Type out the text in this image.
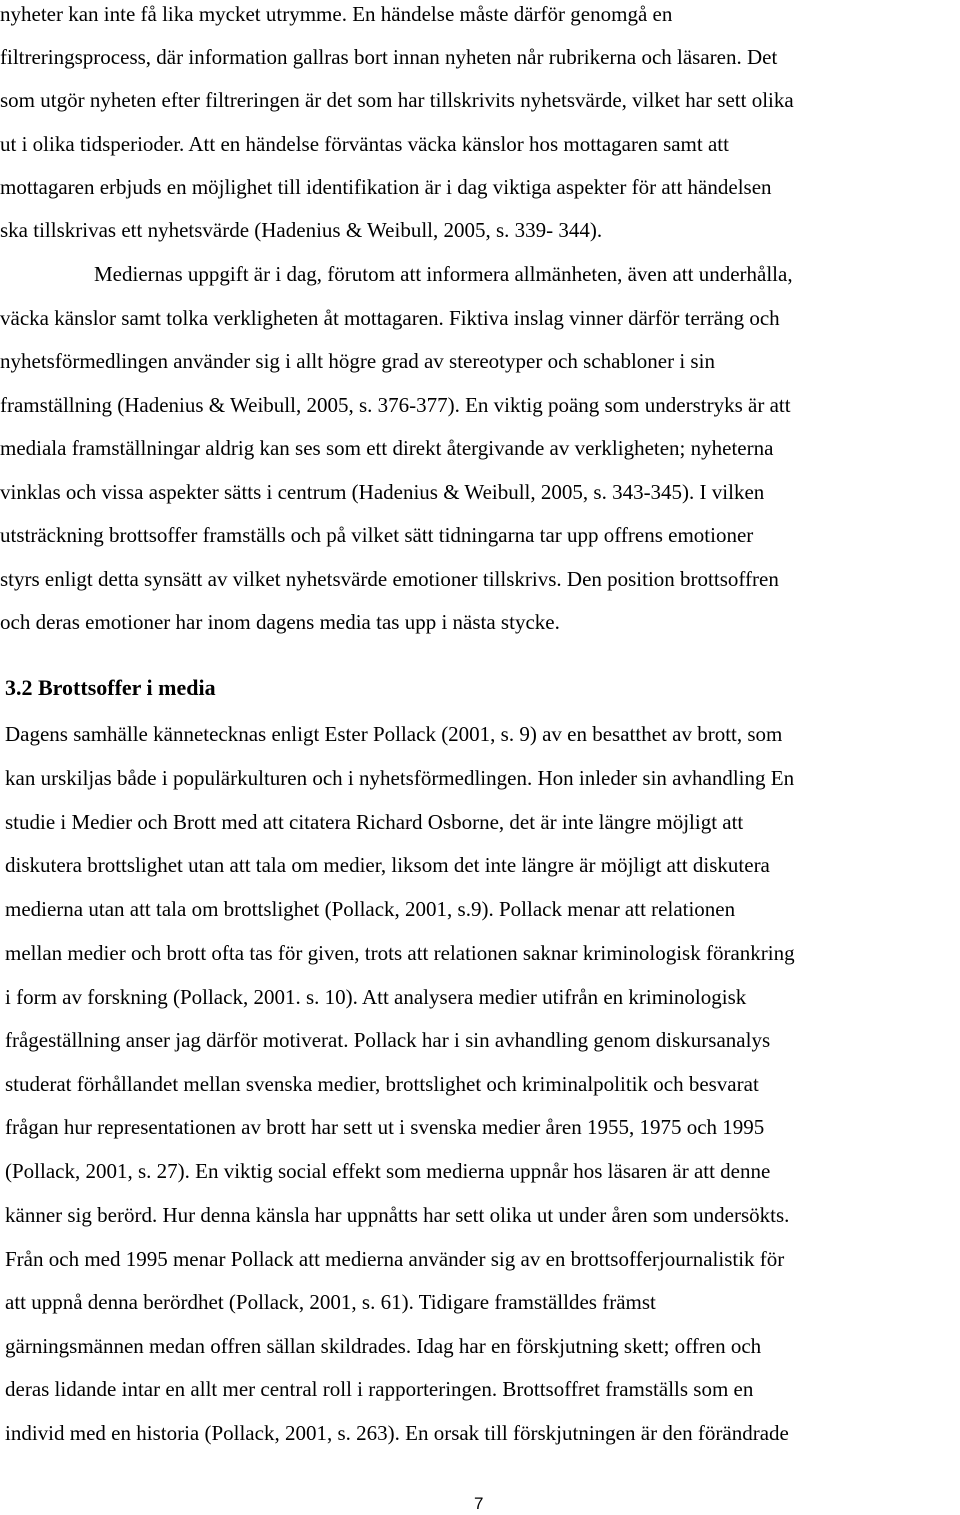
nyheter kan inte få lika mycket utrymme. En händelse måste därför genomgå en
filtreringsprocess, där information gallras bort innan nyheten når rubrikerna och läsaren. Det
som utgör nyheten efter filtreringen är det som har tillskrivits nyhetsvärde, vilket har sett olika
ut i olika tidsperioder. Att en händelse förväntas väcka känslor hos mottagaren samt att
mottagaren erbjuds en möjlighet till identifikation är i dag viktiga aspekter för att händelsen
ska tillskrivas ett nyhetsvärde (Hadenius & Weibull, 2005, s. 339- 344).
Mediernas uppgift är i dag, förutom att informera allmänheten, även att underhålla,
väcka känslor samt tolka verkligheten åt mottagaren. Fiktiva inslag vinner därför terräng och
nyhetsförmedlingen använder sig i allt högre grad av stereotyper och schabloner i sin
framställning (Hadenius & Weibull, 2005, s. 376-377). En viktig poäng som understryks är att
mediala framställningar aldrig kan ses som ett direkt återgivande av verkligheten; nyheterna
vinklas och vissa aspekter sätts i centrum (Hadenius & Weibull, 2005, s. 343-345). I vilken
utsträckning brottsoffer framställs och på vilket sätt tidningarna tar upp offrens emotioner
styrs enligt detta synsätt av vilket nyhetsvärde emotioner tillskrivs. Den position brottsoffren
och deras emotioner har inom dagens media tas upp i nästa stycke.
3.2 Brottsoffer i media
Dagens samhälle kännetecknas enligt Ester Pollack (2001, s. 9) av en besatthet av brott, som
kan urskiljas både i populärkulturen och i nyhetsförmedlingen. Hon inleder sin avhandling En
studie i Medier och Brott med att citatera Richard Osborne, det är inte längre möjligt att
diskutera brottslighet utan att tala om medier, liksom det inte längre är möjligt att diskutera
medierna utan att tala om brottslighet (Pollack, 2001, s.9). Pollack menar att relationen
mellan medier och brott ofta tas för given, trots att relationen saknar kriminologisk förankring
i form av forskning (Pollack, 2001. s. 10). Att analysera medier utifrån en kriminologisk
frågeställning anser jag därför motiverat. Pollack har i sin avhandling genom diskursanalys
studerat förhållandet mellan svenska medier, brottslighet och kriminalpolitik och besvarat
frågan hur representationen av brott har sett ut i svenska medier åren 1955, 1975 och 1995
(Pollack, 2001, s. 27). En viktig social effekt som medierna uppnår hos läsaren är att denne
känner sig berörd. Hur denna känsla har uppnåtts har sett olika ut under åren som undersökts.
Från och med 1995 menar Pollack att medierna använder sig av en brottsofferjournalistik för
att uppnå denna berördhet (Pollack, 2001, s. 61). Tidigare framställdes främst
gärningsmännen medan offren sällan skildrades. Idag har en förskjutning skett; offren och
deras lidande intar en allt mer central roll i rapporteringen. Brottsoffret framställs som en
individ med en historia (Pollack, 2001, s. 263). En orsak till förskjutningen är den förändrade
7
